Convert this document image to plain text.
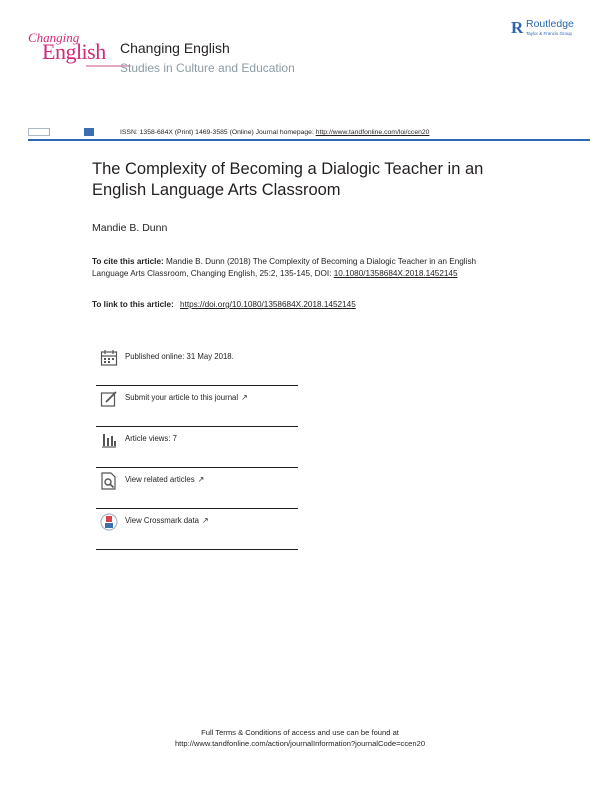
Changing
English Changing English
Studies in Culture and Education
R Routledge
Taylor & Francis Group

ISSN: 1358-684X (Print) 1469-3585 (Online) Journal homepage: http://www.tandfonline.com/loi/ccen20
The Complexity of Becoming a Dialogic Teacher in an English Language Arts Classroom
Mandie B. Dunn
To cite this article: Mandie B. Dunn (2018) The Complexity of Becoming a Dialogic Teacher in an English Language Arts Classroom, Changing English, 25:2, 135-145, DOI: 10.1080/1358684X.2018.1452145
To link to this article: https://doi.org/10.1080/1358684X.2018.1452145
Published online: 31 May 2018.
Submit your article to this journal ↗
Article views: 7
View related articles ↗
View Crossmark data ↗
Full Terms & Conditions of access and use can be found at
http://www.tandfonline.com/action/journalInformation?journalCode=ccen20
